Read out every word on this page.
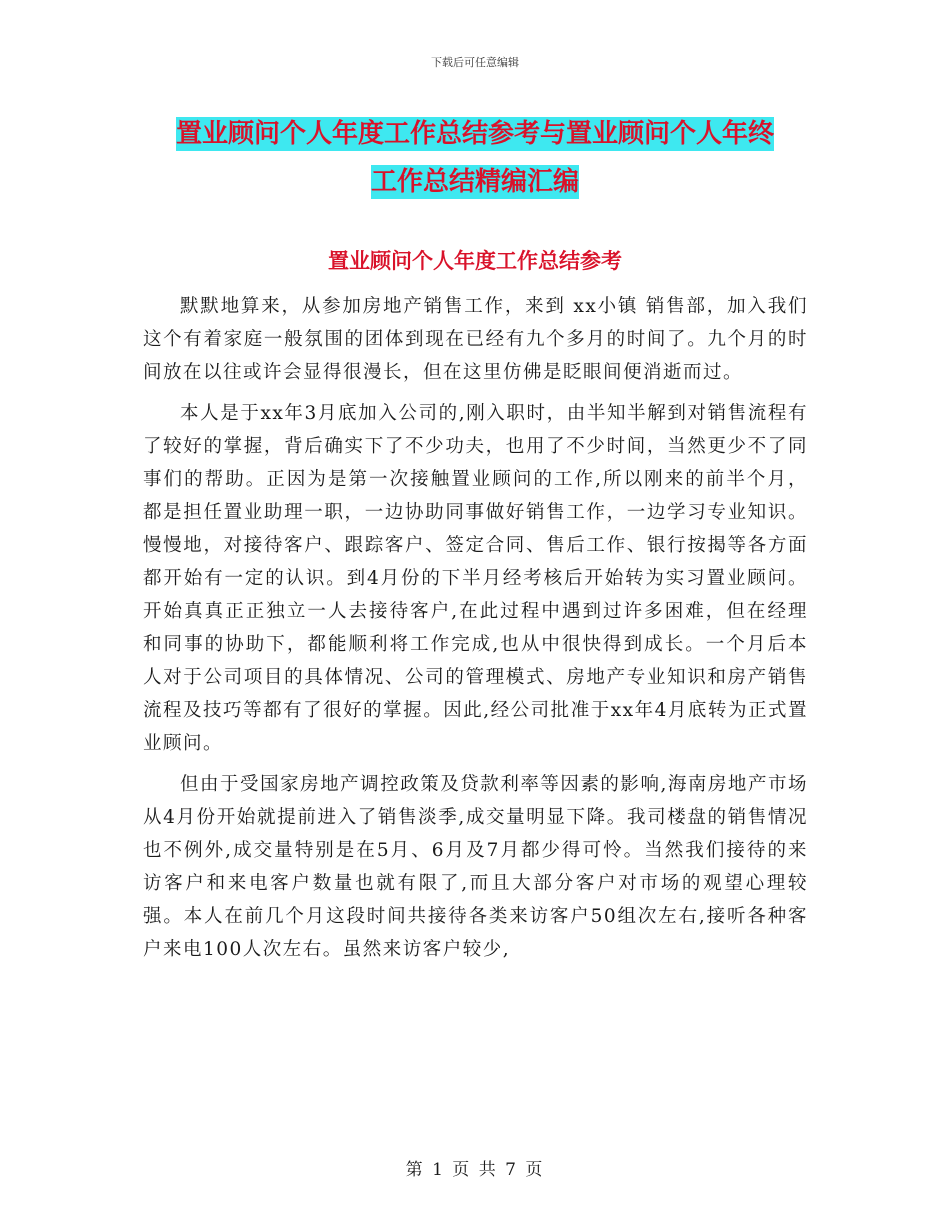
下载后可任意编辑
置业顾问个人年度工作总结参考与置业顾问个人年终
工作总结精编汇编
置业顾问个人年度工作总结参考

默默地算来，从参加房地产销售工作，来到 xx小镇 销售部，加入我们这个有着家庭一般氛围的团体到现在已经有九个多月的时间了。九个月的时间放在以往或许会显得很漫长，但在这里仿佛是眨眼间便消逝而过。

本人是于xx年3月底加入公司的,刚入职时，由半知半解到对销售流程有了较好的掌握，背后确实下了不少功夫，也用了不少时间，当然更少不了同事们的帮助。正因为是第一次接触置业顾问的工作,所以刚来的前半个月，都是担任置业助理一职，一边协助同事做好销售工作，一边学习专业知识。慢慢地，对接待客户、跟踪客户、签定合同、售后工作、银行按揭等各方面都开始有一定的认识。到4月份的下半月经考核后开始转为实习置业顾问。开始真真正正独立一人去接待客户,在此过程中遇到过许多困难，但在经理和同事的协助下，都能顺利将工作完成,也从中很快得到成长。一个月后本人对于公司项目的具体情况、公司的管理模式、房地产专业知识和房产销售流程及技巧等都有了很好的掌握。因此,经公司批准于xx年4月底转为正式置业顾问。

但由于受国家房地产调控政策及贷款利率等因素的影响,海南房地产市场从4月份开始就提前进入了销售淡季,成交量明显下降。我司楼盘的销售情况也不例外,成交量特别是在5月、6月及7月都少得可怜。当然我们接待的来访客户和来电客户数量也就有限了,而且大部分客户对市场的观望心理较强。本人在前几个月这段时间共接待各类来访客户50组次左右,接听各种客户来电100人次左右。虽然来访客户较少,

第 1 页 共 7 页
